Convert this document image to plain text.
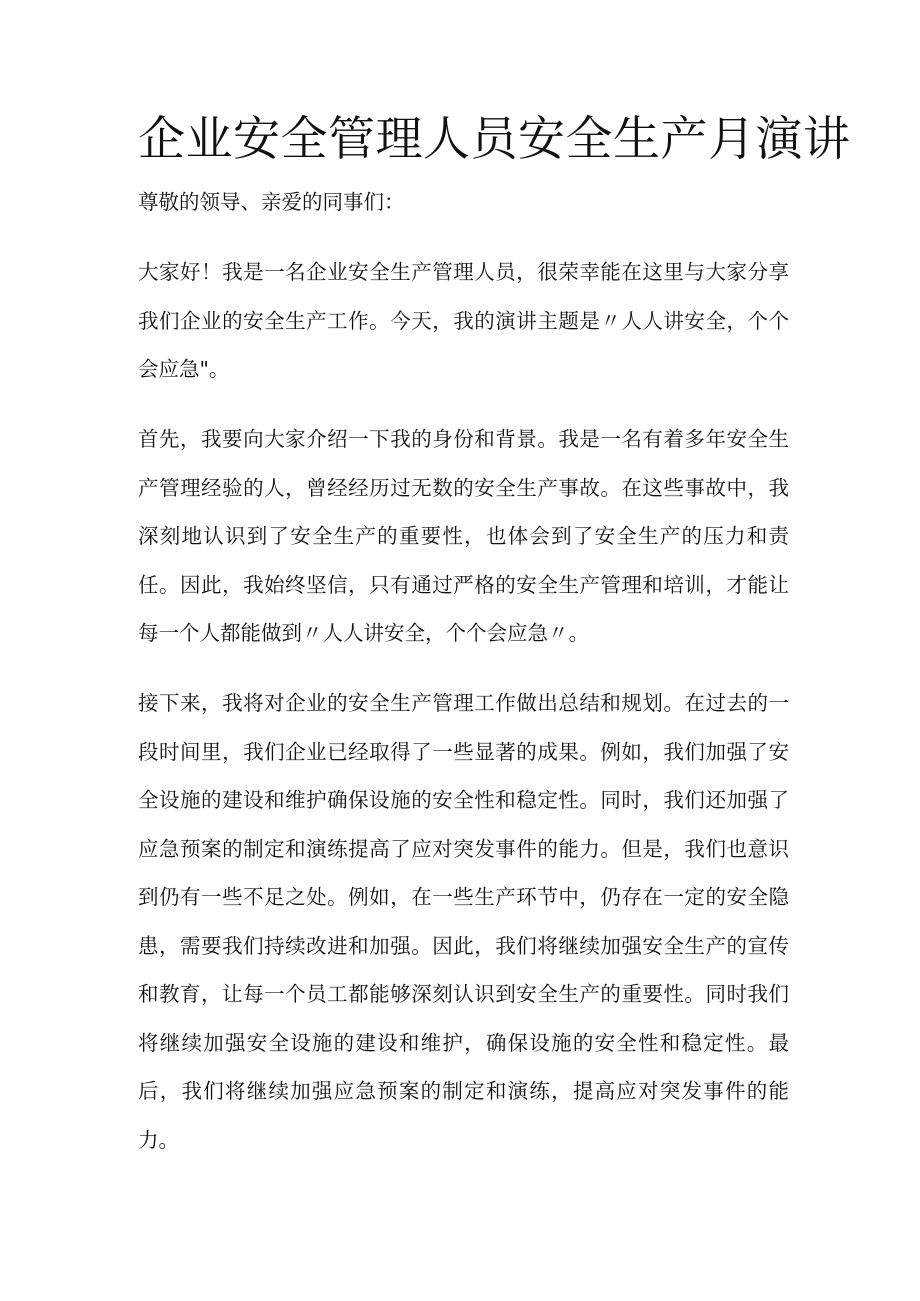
企业安全管理人员安全生产月演讲

尊敬的领导、亲爱的同事们：

大家好！我是一名企业安全生产管理人员，很荣幸能在这里与大家分享我们企业的安全生产工作。今天，我的演讲主题是〃人人讲安全，个个会应急"。

首先，我要向大家介绍一下我的身份和背景。我是一名有着多年安全生产管理经验的人，曾经经历过无数的安全生产事故。在这些事故中，我深刻地认识到了安全生产的重要性，也体会到了安全生产的压力和责任。因此，我始终坚信，只有通过严格的安全生产管理和培训，才能让每一个人都能做到〃人人讲安全，个个会应急〃。

接下来，我将对企业的安全生产管理工作做出总结和规划。在过去的一段时间里，我们企业已经取得了一些显著的成果。例如，我们加强了安全设施的建设和维护确保设施的安全性和稳定性。同时，我们还加强了应急预案的制定和演练提高了应对突发事件的能力。但是，我们也意识到仍有一些不足之处。例如，在一些生产环节中，仍存在一定的安全隐患，需要我们持续改进和加强。因此，我们将继续加强安全生产的宣传和教育，让每一个员工都能够深刻认识到安全生产的重要性。同时我们将继续加强安全设施的建设和维护，确保设施的安全性和稳定性。最后，我们将继续加强应急预案的制定和演练，提高应对突发事件的能力。
